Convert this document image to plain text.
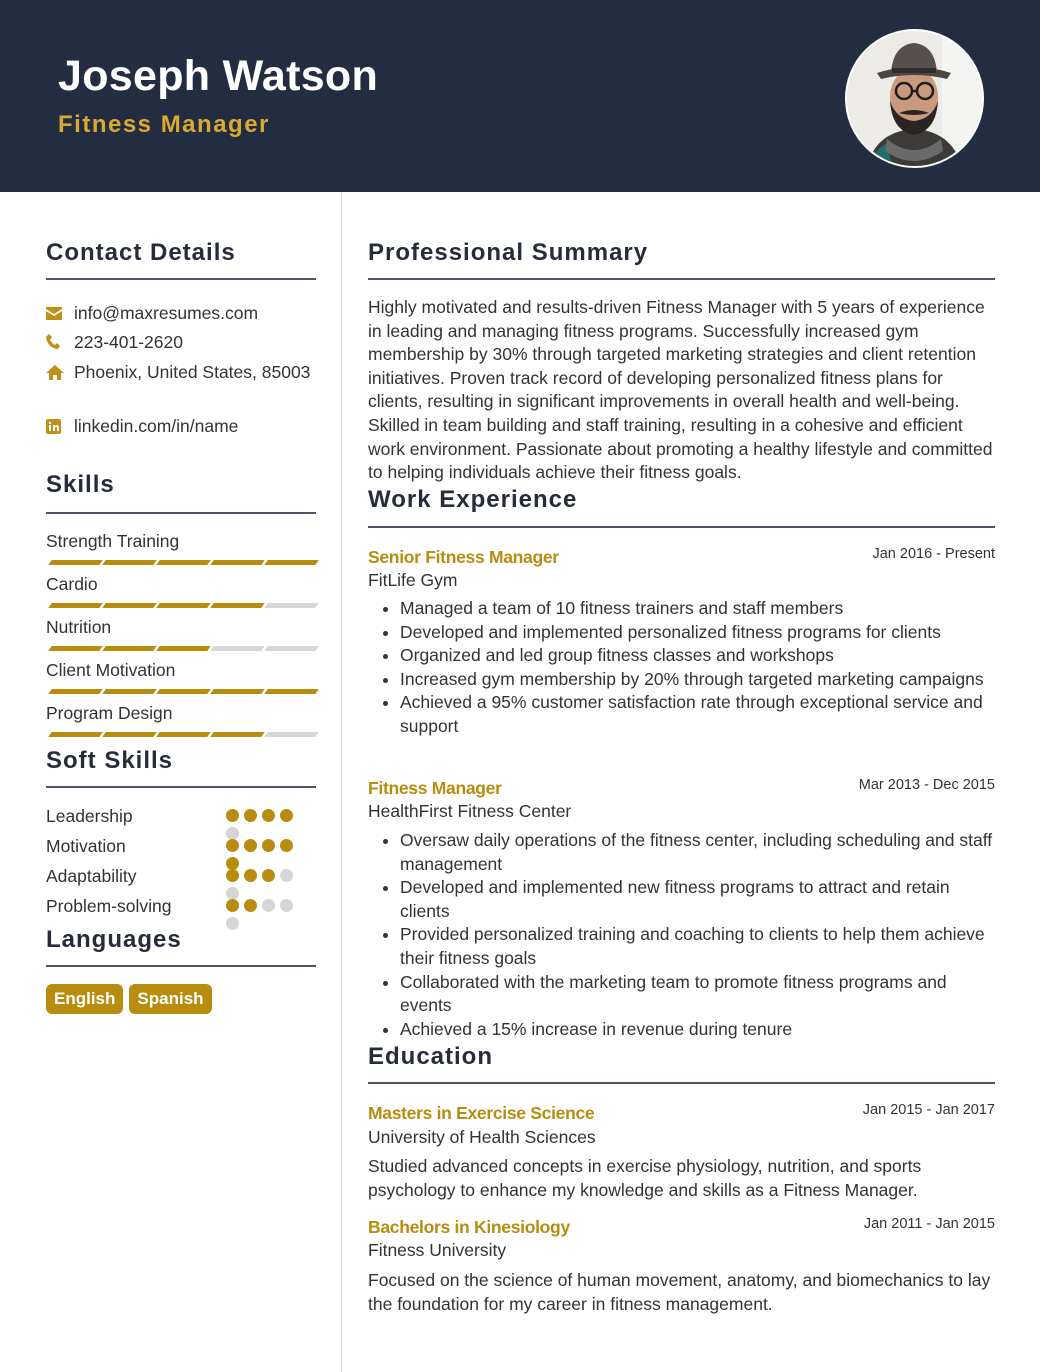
Joseph Watson
Fitness Manager
Contact Details
info@maxresumes.com
223-401-2620
Phoenix, United States, 85003
linkedin.com/in/name
Skills
Strength Training
Cardio
Nutrition
Client Motivation
Program Design
Soft Skills
Leadership
Motivation
Adaptability
Problem-solving
Languages
English	Spanish
Professional Summary
Highly motivated and results-driven Fitness Manager with 5 years of experience in leading and managing fitness programs. Successfully increased gym membership by 30% through targeted marketing strategies and client retention initiatives. Proven track record of developing personalized fitness plans for clients, resulting in significant improvements in overall health and well-being. Skilled in team building and staff training, resulting in a cohesive and efficient work environment. Passionate about promoting a healthy lifestyle and committed to helping individuals achieve their fitness goals.
Work Experience
Senior Fitness Manager	Jan 2016 - Present
FitLife Gym
• Managed a team of 10 fitness trainers and staff members
• Developed and implemented personalized fitness programs for clients
• Organized and led group fitness classes and workshops
• Increased gym membership by 20% through targeted marketing campaigns
• Achieved a 95% customer satisfaction rate through exceptional service and support
Fitness Manager	Mar 2013 - Dec 2015
HealthFirst Fitness Center
• Oversaw daily operations of the fitness center, including scheduling and staff management
• Developed and implemented new fitness programs to attract and retain clients
• Provided personalized training and coaching to clients to help them achieve their fitness goals
• Collaborated with the marketing team to promote fitness programs and events
• Achieved a 15% increase in revenue during tenure
Education
Masters in Exercise Science	Jan 2015 - Jan 2017
University of Health Sciences
Studied advanced concepts in exercise physiology, nutrition, and sports psychology to enhance my knowledge and skills as a Fitness Manager.
Bachelors in Kinesiology	Jan 2011 - Jan 2015
Fitness University
Focused on the science of human movement, anatomy, and biomechanics to lay the foundation for my career in fitness management.
